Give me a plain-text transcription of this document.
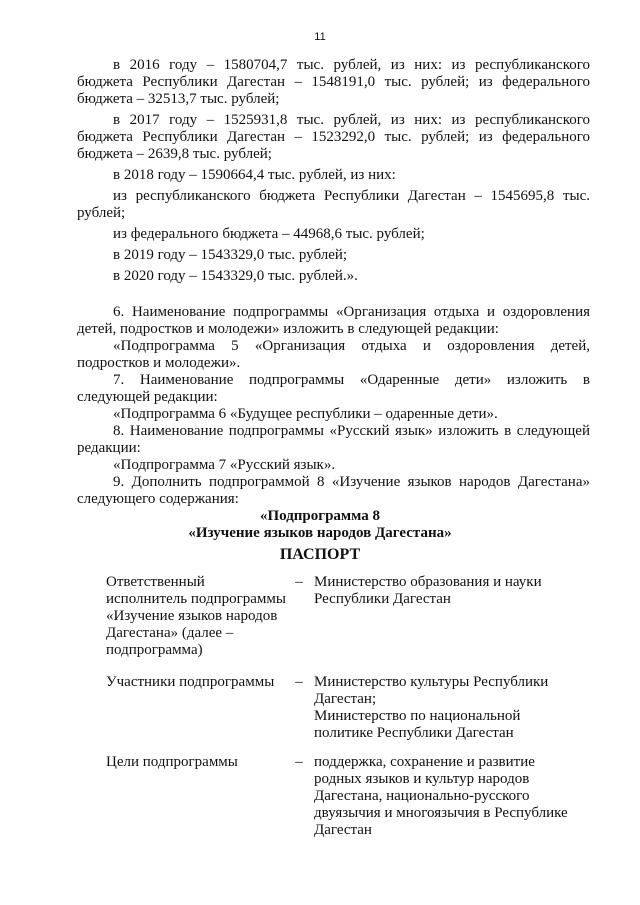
11

в 2016 году – 1580704,7 тыс. рублей, из них: из республиканского бюджета Республики Дагестан – 1548191,0 тыс. рублей; из федерального бюджета – 32513,7 тыс. рублей;

в 2017 году – 1525931,8 тыс. рублей, из них: из республиканского бюджета Республики Дагестан – 1523292,0 тыс. рублей; из федерального бюджета – 2639,8 тыс. рублей;

в 2018 году – 1590664,4 тыс. рублей, из них:

из республиканского бюджета Республики Дагестан – 1545695,8 тыс. рублей;

из федерального бюджета – 44968,6 тыс. рублей;

в 2019 году – 1543329,0 тыс. рублей;

в 2020 году – 1543329,0 тыс. рублей.».

6. Наименование подпрограммы «Организация отдыха и оздоровления детей, подростков и молодежи» изложить в следующей редакции:

«Подпрограмма 5 «Организация отдыха и оздоровления детей, подростков и молодежи».

7. Наименование подпрограммы «Одаренные дети» изложить в следующей редакции:

«Подпрограмма 6 «Будущее республики – одаренные дети».

8. Наименование подпрограммы «Русский язык» изложить в следующей редакции:

«Подпрограмма 7 «Русский язык».

9. Дополнить подпрограммой 8 «Изучение языков народов Дагестана» следующего содержания:

«Подпрограмма 8
«Изучение языков народов Дагестана»
ПАСПОРТ
Ответственный
исполнитель подпрограммы
«Изучение языков народов
Дагестана» (далее –
подпрограмма)
– Министерство образования и науки
Республики Дагестан
Участники подпрограммы	– Министерство культуры Республики
Дагестан;
Министерство по национальной
политике Республики Дагестан
Цели подпрограммы	– поддержка, сохранение и развитие
родных языков и культур народов
Дагестана, национально-русского
двуязычия и многоязычия в Республике
Дагестан
